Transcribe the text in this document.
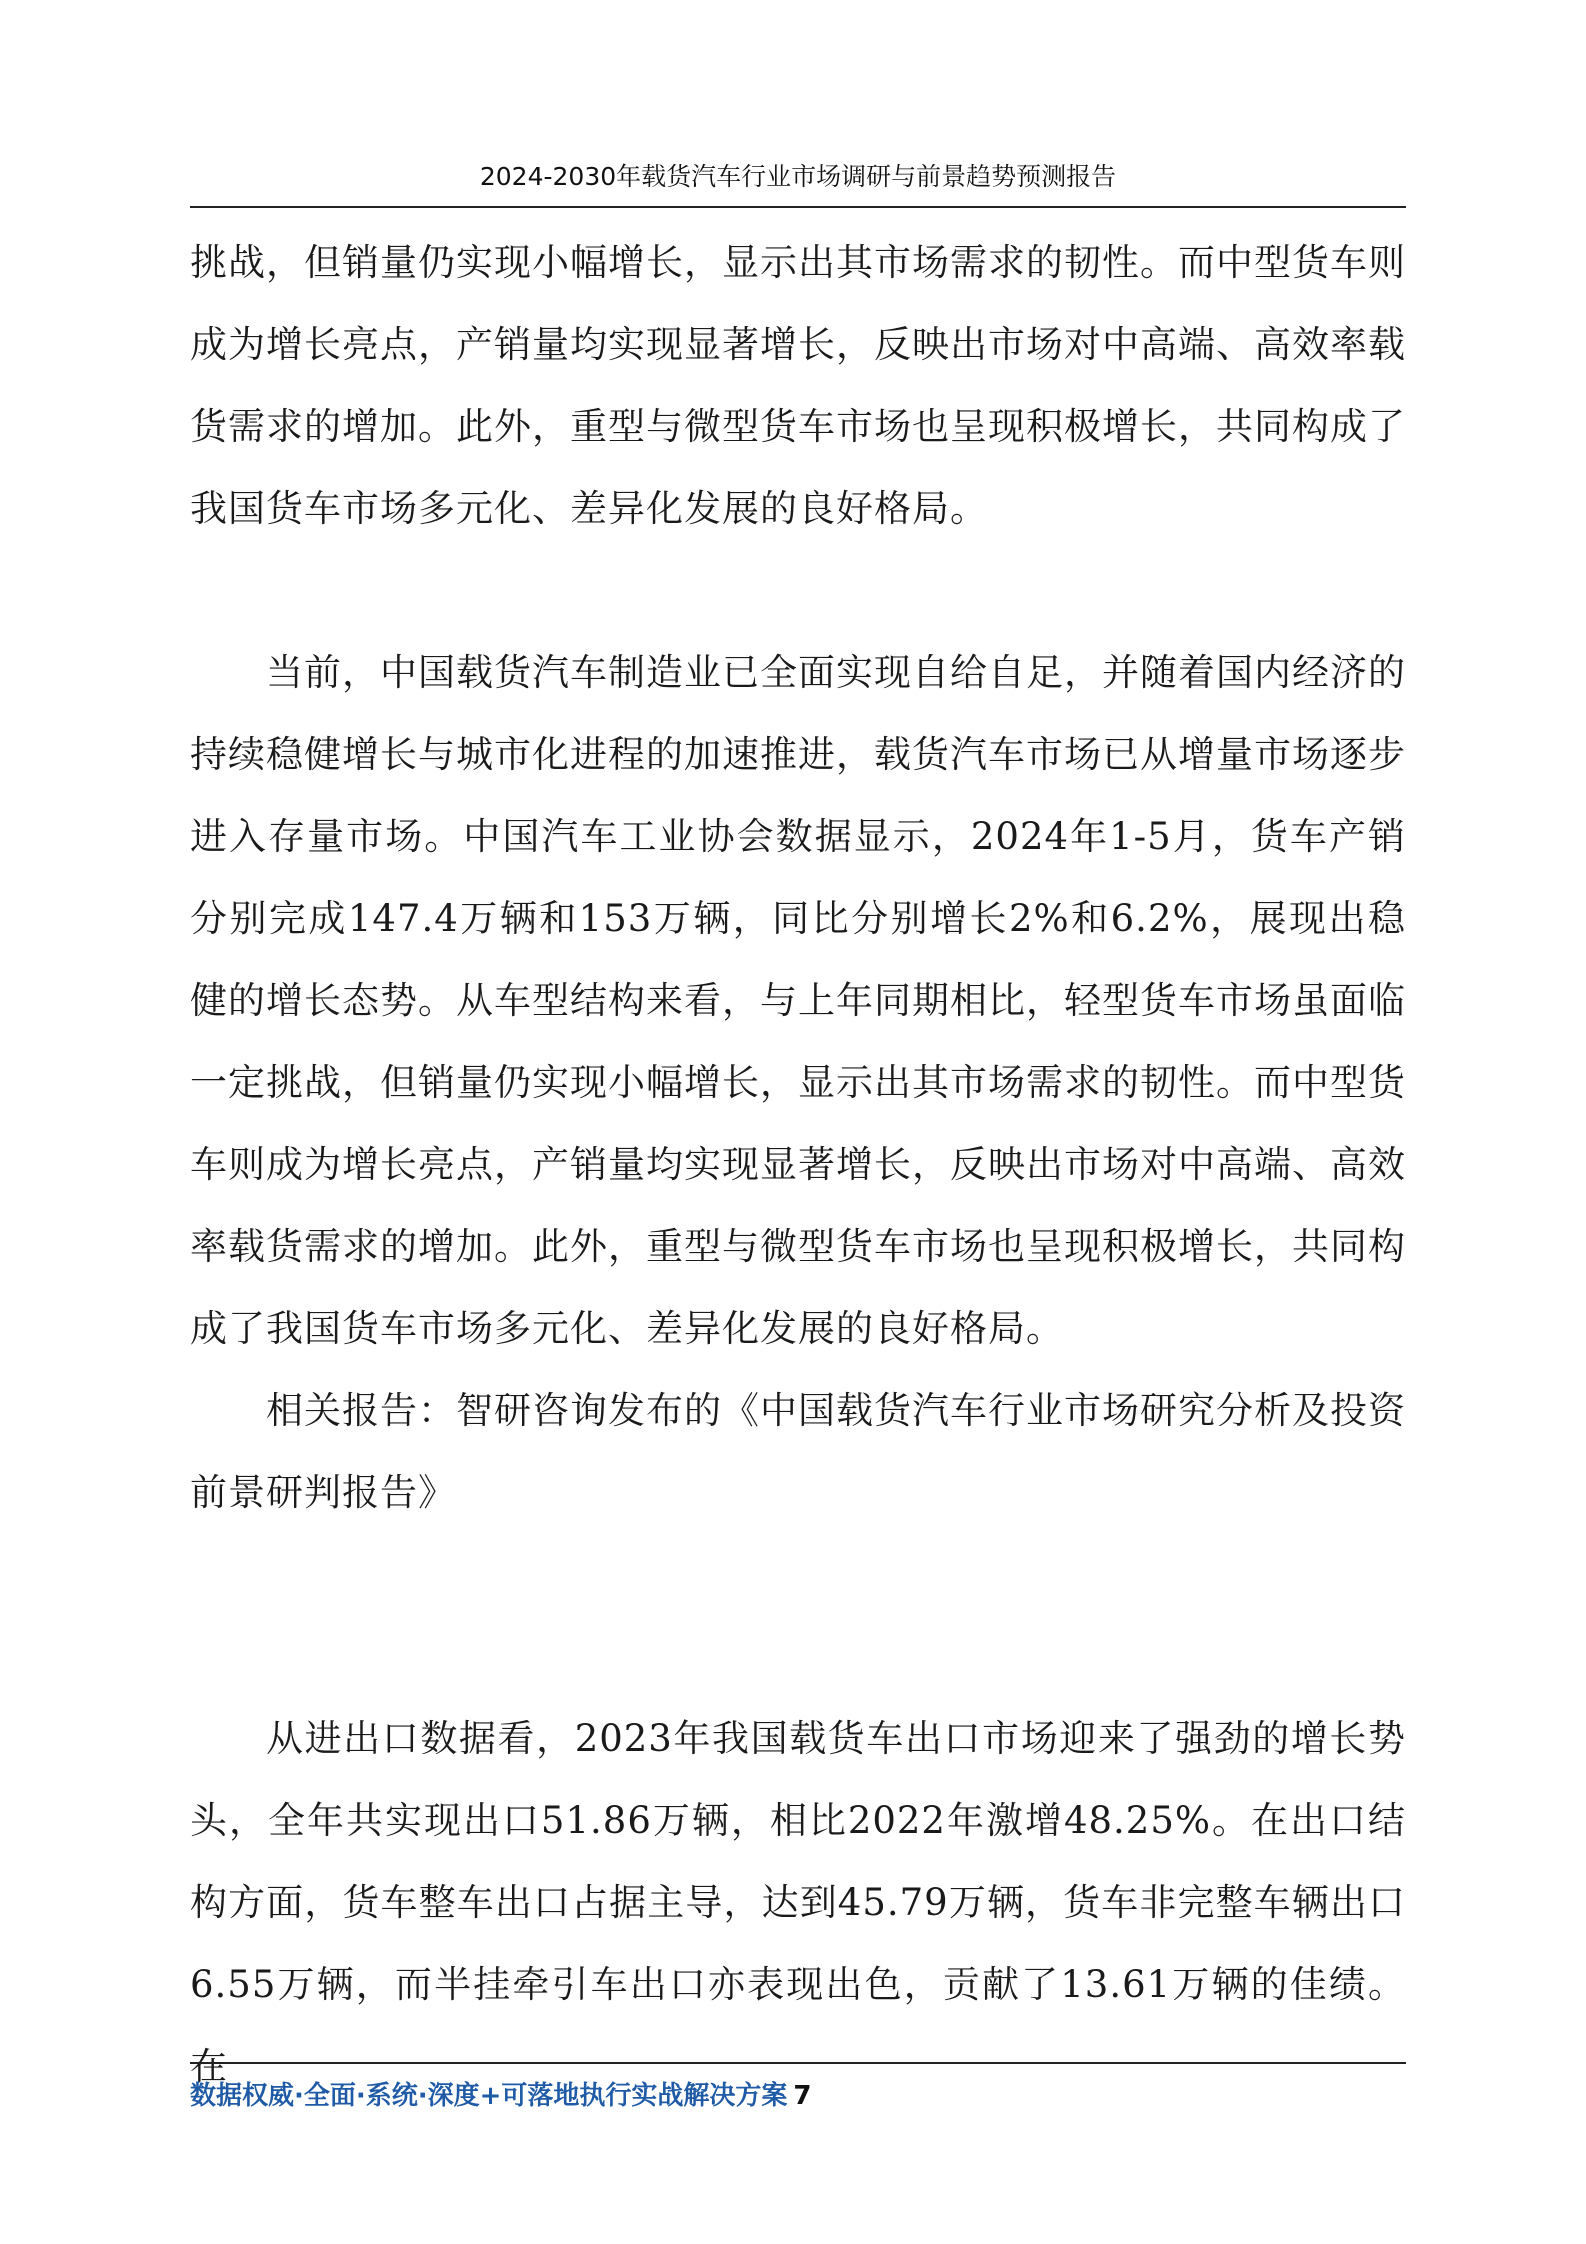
2024-2030年载货汽车行业市场调研与前景趋势预测报告

挑战，但销量仍实现小幅增长，显示出其市场需求的韧性。而中型货车则成为增长亮点，产销量均实现显著增长，反映出市场对中高端、高效率载货需求的增加。此外，重型与微型货车市场也呈现积极增长，共同构成了我国货车市场多元化、差异化发展的良好格局。

当前，中国载货汽车制造业已全面实现自给自足，并随着国内经济的持续稳健增长与城市化进程的加速推进，载货汽车市场已从增量市场逐步进入存量市场。中国汽车工业协会数据显示，2024年1-5月，货车产销分别完成147.4万辆和153万辆，同比分别增长2%和6.2%，展现出稳健的增长态势。从车型结构来看，与上年同期相比，轻型货车市场虽面临一定挑战，但销量仍实现小幅增长，显示出其市场需求的韧性。而中型货车则成为增长亮点，产销量均实现显著增长，反映出市场对中高端、高效率载货需求的增加。此外，重型与微型货车市场也呈现积极增长，共同构成了我国货车市场多元化、差异化发展的良好格局。

相关报告：智研咨询发布的《中国载货汽车行业市场研究分析及投资前景研判报告》

从进出口数据看，2023年我国载货车出口市场迎来了强劲的增长势头，全年共实现出口51.86万辆，相比2022年激增48.25%。在出口结构方面，货车整车出口占据主导，达到45.79万辆，货车非完整车辆出口6.55万辆，而半挂牵引车出口亦表现出色，贡献了13.61万辆的佳绩。在

数据权威·全面·系统·深度+可落地执行实战解决方案 7
